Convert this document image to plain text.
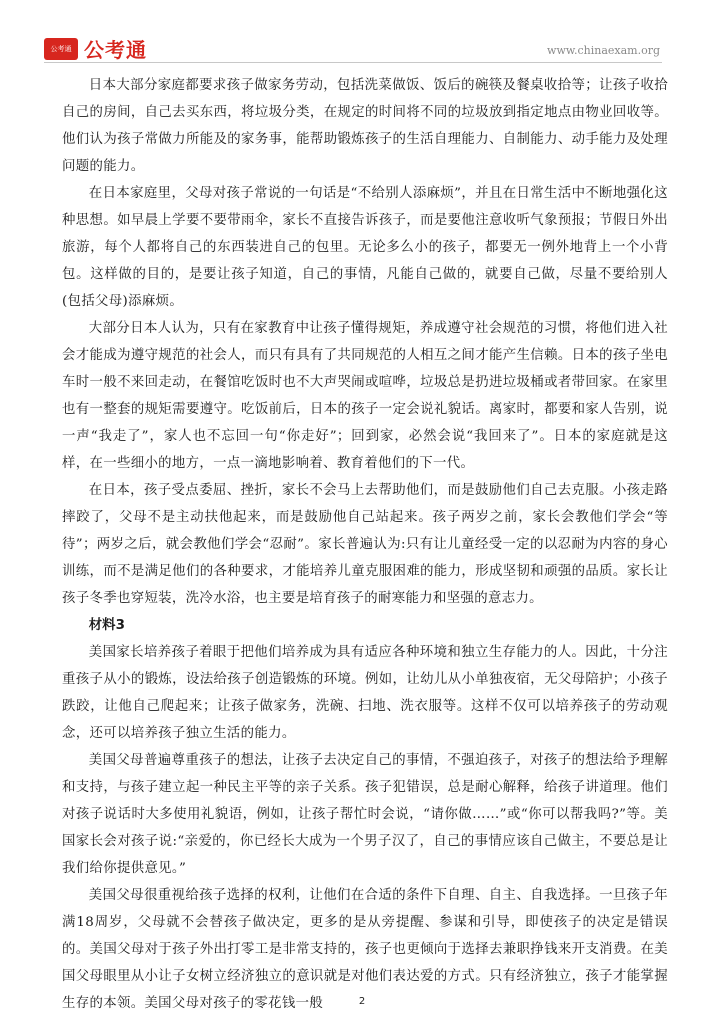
公考通 公考通	www.chinaexam.org

日本大部分家庭都要求孩子做家务劳动，包括洗菜做饭、饭后的碗筷及餐桌收拾等；让孩子收拾自己的房间，自己去买东西，将垃圾分类，在规定的时间将不同的垃圾放到指定地点由物业回收等。他们认为孩子常做力所能及的家务事，能帮助锻炼孩子的生活自理能力、自制能力、动手能力及处理问题的能力。

在日本家庭里，父母对孩子常说的一句话是“不给别人添麻烦”，并且在日常生活中不断地强化这种思想。如早晨上学要不要带雨伞，家长不直接告诉孩子，而是要他注意收听气象预报；节假日外出旅游，每个人都将自己的东西装进自己的包里。无论多么小的孩子，都要无一例外地背上一个小背包。这样做的目的，是要让孩子知道，自己的事情，凡能自己做的，就要自己做，尽量不要给别人(包括父母)添麻烦。

大部分日本人认为，只有在家教育中让孩子懂得规矩，养成遵守社会规范的习惯，将他们进入社会才能成为遵守规范的社会人，而只有具有了共同规范的人相互之间才能产生信赖。日本的孩子坐电车时一般不来回走动，在餐馆吃饭时也不大声哭闹或喧哗，垃圾总是扔进垃圾桶或者带回家。在家里也有一整套的规矩需要遵守。吃饭前后，日本的孩子一定会说礼貌话。离家时，都要和家人告别，说一声“我走了”，家人也不忘回一句“你走好”；回到家，必然会说“我回来了”。日本的家庭就是这样，在一些细小的地方，一点一滴地影响着、教育着他们的下一代。

在日本，孩子受点委屈、挫折，家长不会马上去帮助他们，而是鼓励他们自己去克服。小孩走路摔跤了，父母不是主动扶他起来，而是鼓励他自己站起来。孩子两岁之前，家长会教他们学会“等待”；两岁之后，就会教他们学会“忍耐”。家长普遍认为:只有让儿童经受一定的以忍耐为内容的身心训练，而不是满足他们的各种要求，才能培养儿童克服困难的能力，形成坚韧和顽强的品质。家长让孩子冬季也穿短装，洗冷水浴，也主要是培育孩子的耐寒能力和坚强的意志力。

材料3

美国家长培养孩子着眼于把他们培养成为具有适应各种环境和独立生存能力的人。因此，十分注重孩子从小的锻炼，设法给孩子创造锻炼的环境。例如，让幼儿从小单独夜宿，无父母陪护；小孩子跌跤，让他自己爬起来；让孩子做家务，洗碗、扫地、洗衣服等。这样不仅可以培养孩子的劳动观念，还可以培养孩子独立生活的能力。

美国父母普遍尊重孩子的想法，让孩子去决定自己的事情，不强迫孩子，对孩子的想法给予理解和支持，与孩子建立起一种民主平等的亲子关系。孩子犯错误，总是耐心解释，给孩子讲道理。他们对孩子说话时大多使用礼貌语，例如，让孩子帮忙时会说，“请你做……”或“你可以帮我吗?”等。美国家长会对孩子说:“亲爱的，你已经长大成为一个男子汉了，自己的事情应该自己做主，不要总是让我们给你提供意见。”

美国父母很重视给孩子选择的权利，让他们在合适的条件下自理、自主、自我选择。一旦孩子年满18周岁，父母就不会替孩子做决定，更多的是从旁提醒、参谋和引导，即使孩子的决定是错误的。美国父母对于孩子外出打零工是非常支持的，孩子也更倾向于选择去兼职挣钱来开支消费。在美国父母眼里从小让子女树立经济独立的意识就是对他们表达爱的方式。只有经济独立，孩子才能掌握生存的本领。美国父母对孩子的零花钱一般	2
